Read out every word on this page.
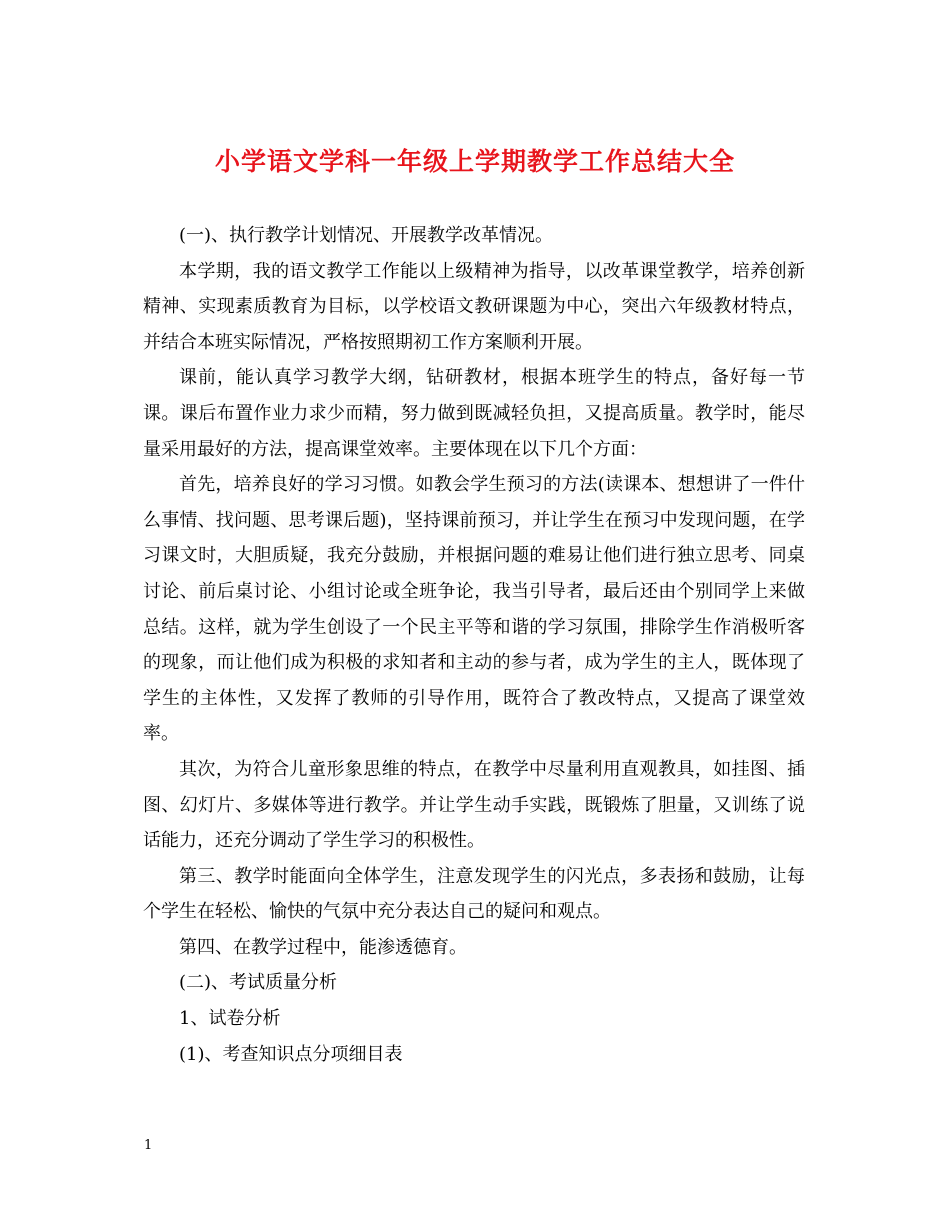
小学语文学科一年级上学期教学工作总结大全

(一)、执行教学计划情况、开展教学改革情况。

本学期，我的语文教学工作能以上级精神为指导，以改革课堂教学，培养创新精神、实现素质教育为目标，以学校语文教研课题为中心，突出六年级教材特点，并结合本班实际情况，严格按照期初工作方案顺利开展。

课前，能认真学习教学大纲，钻研教材，根据本班学生的特点，备好每一节课。课后布置作业力求少而精，努力做到既减轻负担，又提高质量。教学时，能尽量采用最好的方法，提高课堂效率。主要体现在以下几个方面：

首先，培养良好的学习习惯。如教会学生预习的方法(读课本、想想讲了一件什么事情、找问题、思考课后题)，坚持课前预习，并让学生在预习中发现问题，在学习课文时，大胆质疑，我充分鼓励，并根据问题的难易让他们进行独立思考、同桌讨论、前后桌讨论、小组讨论或全班争论，我当引导者，最后还由个别同学上来做总结。这样，就为学生创设了一个民主平等和谐的学习氛围，排除学生作消极听客的现象，而让他们成为积极的求知者和主动的参与者，成为学生的主人，既体现了学生的主体性，又发挥了教师的引导作用，既符合了教改特点，又提高了课堂效率。

其次，为符合儿童形象思维的特点，在教学中尽量利用直观教具，如挂图、插图、幻灯片、多媒体等进行教学。并让学生动手实践，既锻炼了胆量，又训练了说话能力，还充分调动了学生学习的积极性。

第三、教学时能面向全体学生，注意发现学生的闪光点，多表扬和鼓励，让每个学生在轻松、愉快的气氛中充分表达自己的疑问和观点。

第四、在教学过程中，能渗透德育。

(二)、考试质量分析

1、试卷分析

(1)、考查知识点分项细目表

1
